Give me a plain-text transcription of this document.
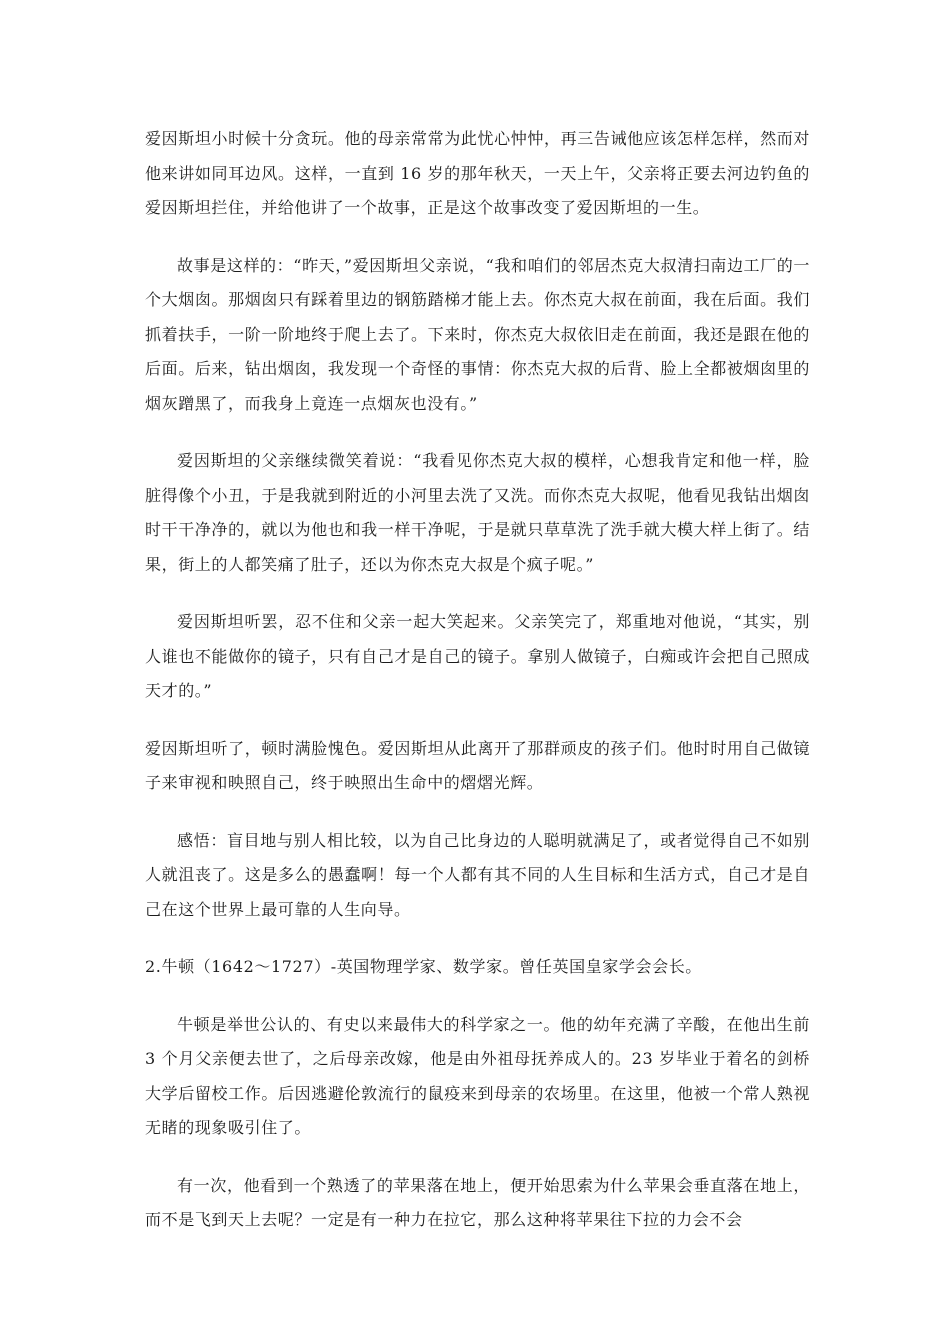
爱因斯坦小时候十分贪玩。他的母亲常常为此忧心忡忡，再三告诫他应该怎样怎样，然而对他来讲如同耳边风。这样，一直到 16 岁的那年秋天，一天上午，父亲将正要去河边钓鱼的爱因斯坦拦住，并给他讲了一个故事，正是这个故事改变了爱因斯坦的一生。

故事是这样的：“昨天，”爱因斯坦父亲说，“我和咱们的邻居杰克大叔清扫南边工厂的一个大烟囱。那烟囱只有踩着里边的钢筋踏梯才能上去。你杰克大叔在前面，我在后面。我们抓着扶手，一阶一阶地终于爬上去了。下来时，你杰克大叔依旧走在前面，我还是跟在他的后面。后来，钻出烟囱，我发现一个奇怪的事情：你杰克大叔的后背、脸上全都被烟囱里的烟灰蹭黑了，而我身上竟连一点烟灰也没有。”

爱因斯坦的父亲继续微笑着说：“我看见你杰克大叔的模样，心想我肯定和他一样，脸脏得像个小丑，于是我就到附近的小河里去洗了又洗。而你杰克大叔呢，他看见我钻出烟囱时干干净净的，就以为他也和我一样干净呢，于是就只草草洗了洗手就大模大样上街了。结果，街上的人都笑痛了肚子，还以为你杰克大叔是个疯子呢。”

爱因斯坦听罢，忍不住和父亲一起大笑起来。父亲笑完了，郑重地对他说，“其实，别人谁也不能做你的镜子，只有自己才是自己的镜子。拿别人做镜子，白痴或许会把自己照成天才的。”

爱因斯坦听了，顿时满脸愧色。爱因斯坦从此离开了那群顽皮的孩子们。他时时用自己做镜子来审视和映照自己，终于映照出生命中的熠熠光辉。

感悟：盲目地与别人相比较，以为自己比身边的人聪明就满足了，或者觉得自己不如别人就沮丧了。这是多么的愚蠢啊！每一个人都有其不同的人生目标和生活方式，自己才是自己在这个世界上最可靠的人生向导。

2.牛顿（1642～1727）-英国物理学家、数学家。曾任英国皇家学会会长。

牛顿是举世公认的、有史以来最伟大的科学家之一。他的幼年充满了辛酸，在他出生前 3 个月父亲便去世了，之后母亲改嫁，他是由外祖母抚养成人的。23 岁毕业于着名的剑桥大学后留校工作。后因逃避伦敦流行的鼠疫来到母亲的农场里。在这里，他被一个常人熟视无睹的现象吸引住了。

有一次，他看到一个熟透了的苹果落在地上，便开始思索为什么苹果会垂直落在地上，而不是飞到天上去呢？一定是有一种力在拉它，那么这种将苹果往下拉的力会不会
